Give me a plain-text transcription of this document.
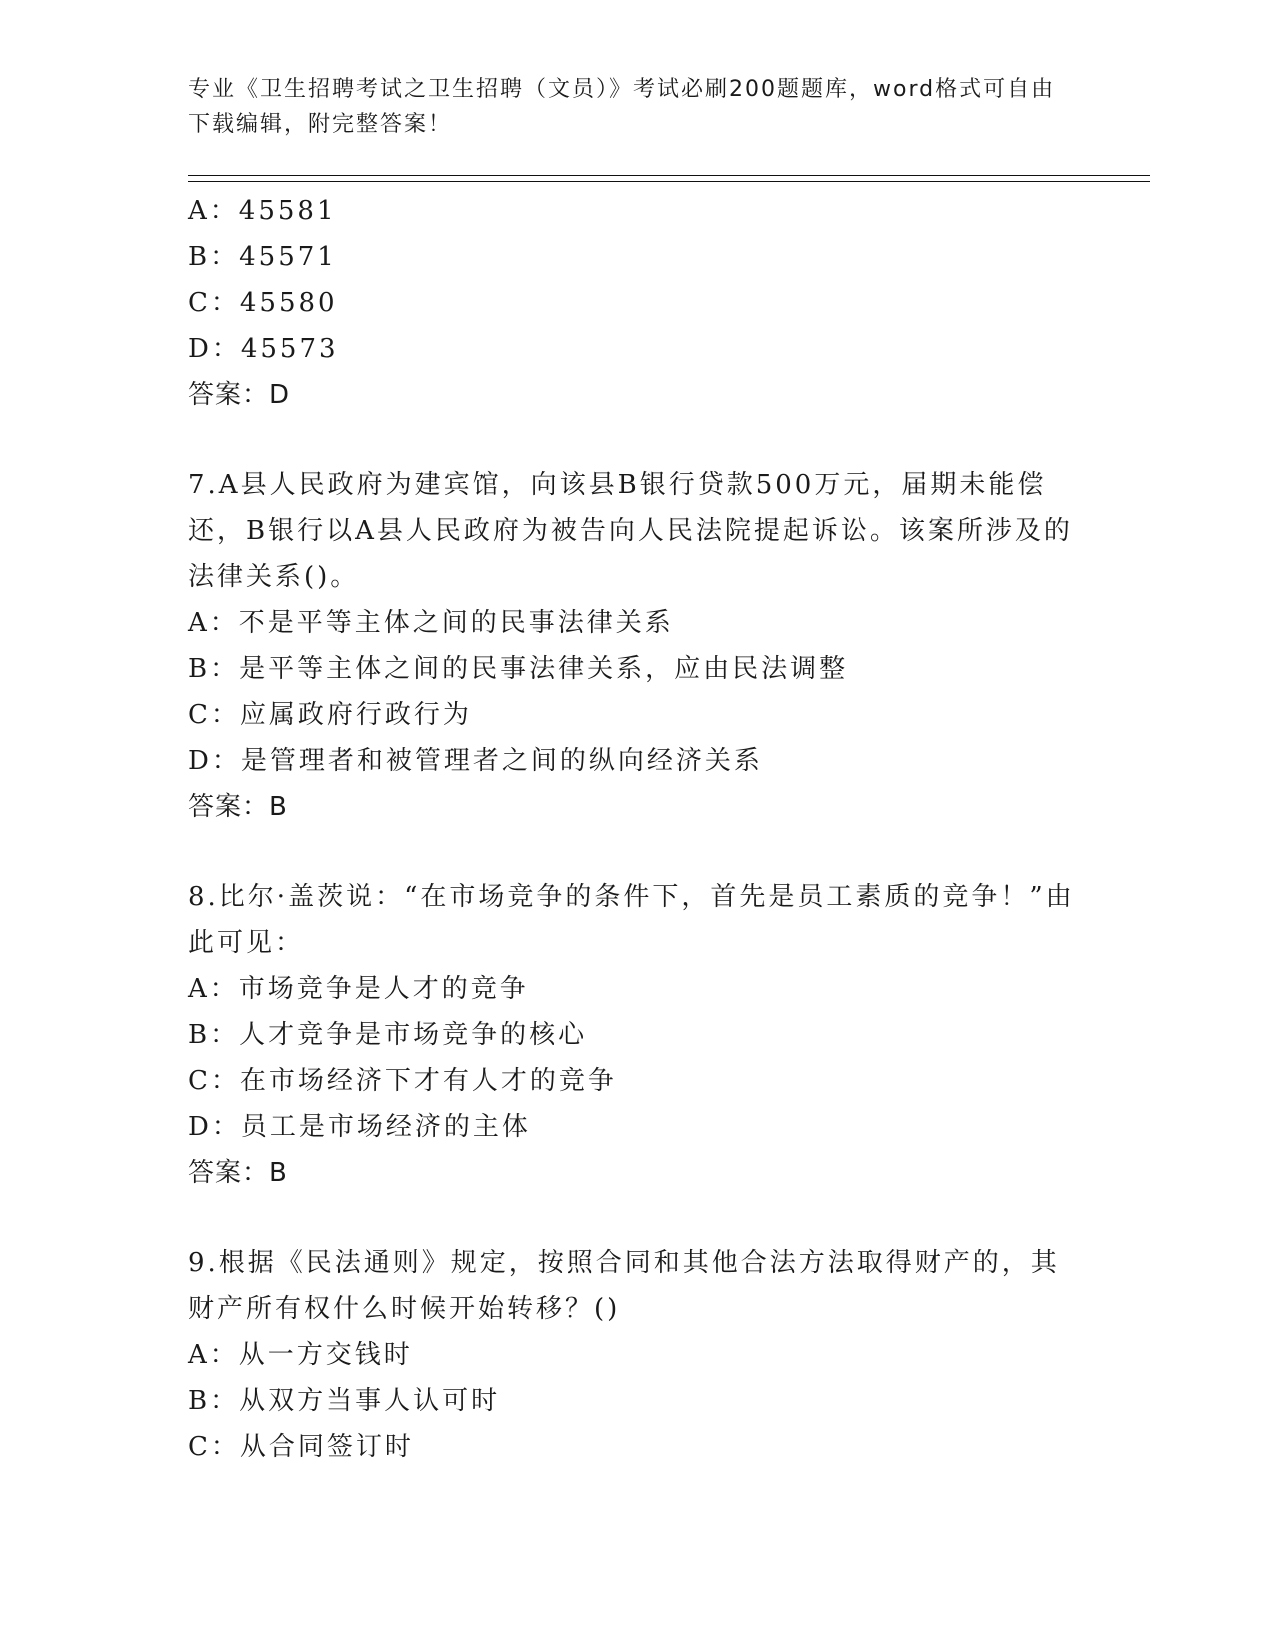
专业《卫生招聘考试之卫生招聘（文员）》考试必刷200题题库，word格式可自由下载编辑，附完整答案！
A：45581
B：45571
C：45580
D：45573
答案：D
7.A县人民政府为建宾馆，向该县B银行贷款500万元，届期未能偿还，B银行以A县人民政府为被告向人民法院提起诉讼。该案所涉及的法律关系()。
A：不是平等主体之间的民事法律关系
B：是平等主体之间的民事法律关系，应由民法调整
C：应属政府行政行为
D：是管理者和被管理者之间的纵向经济关系
答案：B
8.比尔·盖茨说：“在市场竞争的条件下，首先是员工素质的竞争！”由此可见：
A：市场竞争是人才的竞争
B：人才竞争是市场竞争的核心
C：在市场经济下才有人才的竞争
D：员工是市场经济的主体
答案：B
9.根据《民法通则》规定，按照合同和其他合法方法取得财产的，其财产所有权什么时候开始转移？()
A：从一方交钱时
B：从双方当事人认可时
C：从合同签订时
